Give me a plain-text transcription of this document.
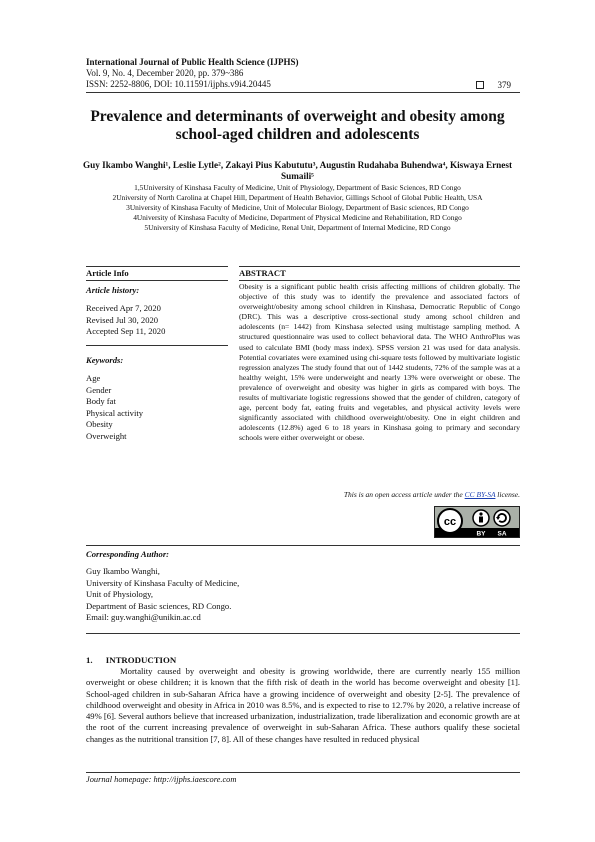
International Journal of Public Health Science (IJPHS)
Vol. 9, No. 4, December 2020, pp. 379~386
ISSN: 2252-8806, DOI: 10.11591/ijphs.v9i4.20445	379
Prevalence and determinants of overweight and obesity among school-aged children and adolescents
Guy Ikambo Wanghi¹, Leslie Lytle², Zakayi Pius Kabututu³, Augustin Rudahaba Buhendwa⁴, Kiswaya Ernest Sumaili⁵
1,5University of Kinshasa Faculty of Medicine, Unit of Physiology, Department of Basic Sciences, RD Congo
2University of North Carolina at Chapel Hill, Department of Health Behavior, Gillings School of Global Public Health, USA
3University of Kinshasa Faculty of Medicine, Unit of Molecular Biology, Department of Basic sciences, RD Congo
4University of Kinshasa Faculty of Medicine, Department of Physical Medicine and Rehabilitation, RD Congo
5University of Kinshasa Faculty of Medicine, Renal Unit, Department of Internal Medicine, RD Congo
Article Info
Article history:
Received Apr 7, 2020
Revised Jul 30, 2020
Accepted Sep 11, 2020
Keywords:
Age
Gender
Body fat
Physical activity
Obesity
Overweight
ABSTRACT
Obesity is a significant public health crisis affecting millions of children globally. The objective of this study was to identify the prevalence and associated factors of overweight/obesity among school children in Kinshasa, Democratic Republic of Congo (DRC). This was a descriptive cross-sectional study among school children and adolescents (n= 1442) from Kinshasa selected using multistage sampling method. A structured questionnaire was used to collect behavioral data. The WHO AnthroPlus was used to calculate BMI (body mass index). SPSS version 21 was used for data analysis. Potential covariates were examined using chi-square tests followed by multivariate logistic regression analyzes The study found that out of 1442 students, 72% of the sample was at a healthy weight, 15% were underweight and nearly 13% were overweight or obese. The prevalence of overweight and obesity was higher in girls as compared with boys. The results of multivariate logistic regressions showed that the gender of children, category of age, percent body fat, eating fruits and vegetables, and physical activity levels were significantly associated with childhood overweight/obesity. One in eight children and adolescents (12.8%) aged 6 to 18 years in Kinshasa going to primary and secondary schools were either overweight or obese.
This is an open access article under the CC BY-SA license.
cc
BY SA
Corresponding Author:
Guy Ikambo Wanghi,
University of Kinshasa Faculty of Medicine,
Unit of Physiology,
Department of Basic sciences, RD Congo.
Email: guy.wanghi@unikin.ac.cd
1.      INTRODUCTION
Mortality caused by overweight and obesity is growing worldwide, there are currently nearly 155 million overweight or obese children; it is known that the fifth risk of death in the world has become overweight and obesity [1]. School-aged children in sub-Saharan Africa have a growing incidence of overweight and obesity [2-5]. The prevalence of childhood overweight and obesity in Africa in 2010 was 8.5%, and is expected to rise to 12.7% by 2020, a relative increase of 49% [6]. Several authors believe that increased urbanization, industrialization, trade liberalization and economic growth are at the root of the current increasing prevalence of overweight in sub-Saharan Africa. These authors qualify these societal changes as the nutritional transition [7, 8]. All of these changes have resulted in reduced physical
Journal homepage: http://ijphs.iaescore.com
